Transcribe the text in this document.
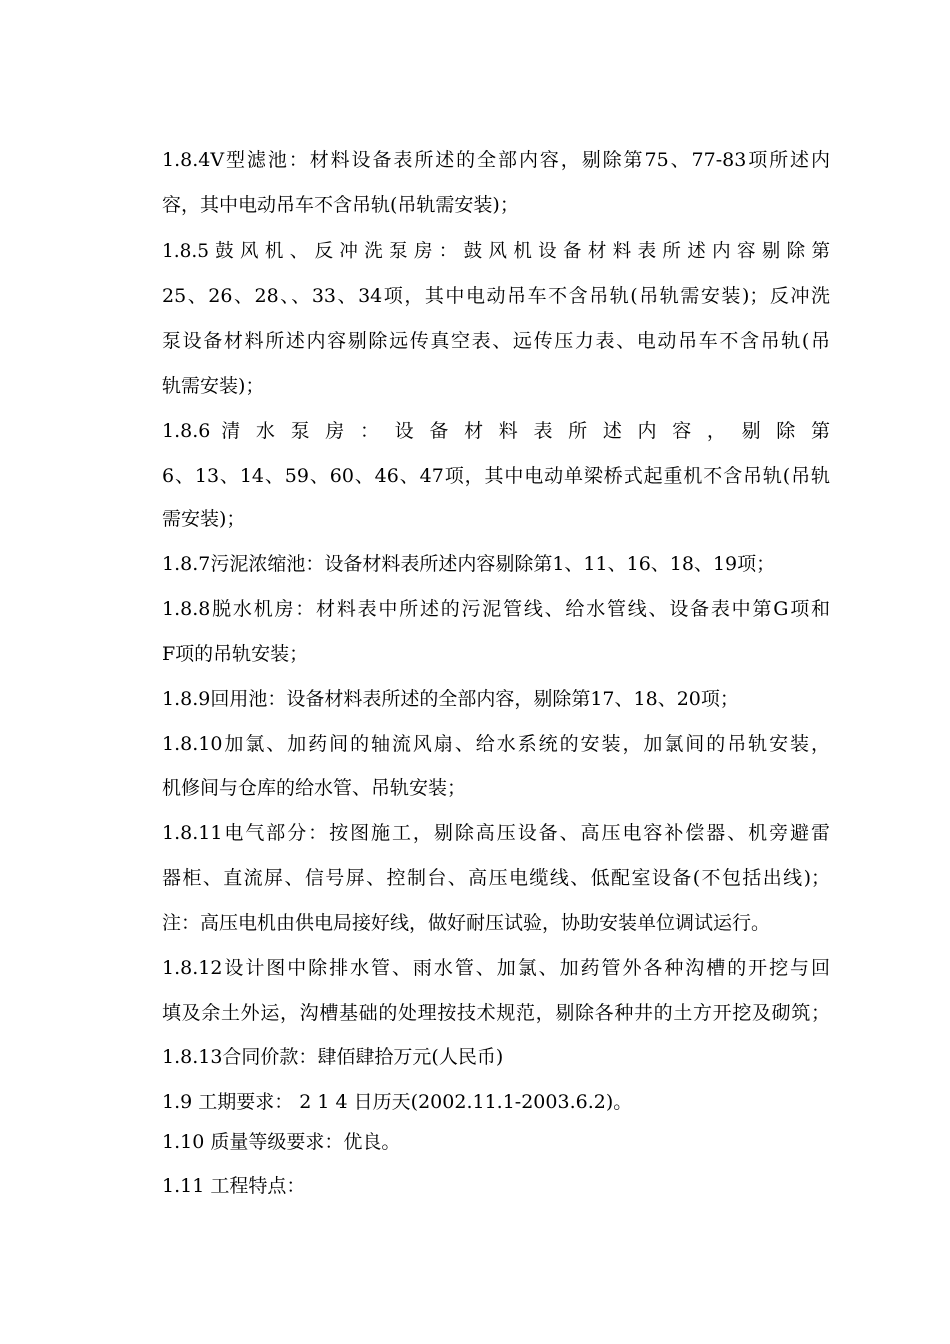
1.8.4V型滤池：材料设备表所述的全部内容，剔除第75、77-83项所述内
容，其中电动吊车不含吊轨(吊轨需安装)；
1.8.5 鼓 风 机 、 反 冲 洗 泵 房 ： 鼓 风 机 设 备 材 料 表 所 述 内 容 剔 除 第
25、26、28、、33、34项，其中电动吊车不含吊轨(吊轨需安装)；反冲洗
泵设备材料所述内容剔除远传真空表、远传压力表、电动吊车不含吊轨(吊
轨需安装)；
1.8.6 清 水 泵 房 ： 设 备 材 料 表 所 述 内 容 ， 剔 除 第
6、13、14、59、60、46、47项，其中电动单梁桥式起重机不含吊轨(吊轨
需安装)；
1.8.7污泥浓缩池：设备材料表所述内容剔除第1、11、16、18、19项；
1.8.8脱水机房：材料表中所述的污泥管线、给水管线、设备表中第G项和
F项的吊轨安装；
1.8.9回用池：设备材料表所述的全部内容，剔除第17、18、20项；
1.8.10加氯、加药间的轴流风扇、给水系统的安装，加氯间的吊轨安装，
机修间与仓库的给水管、吊轨安装；
1.8.11电气部分：按图施工，剔除高压设备、高压电容补偿器、机旁避雷
器柜、直流屏、信号屏、控制台、高压电缆线、低配室设备(不包括出线)；
注：高压电机由供电局接好线，做好耐压试验，协助安装单位调试运行。
1.8.12设计图中除排水管、雨水管、加氯、加药管外各种沟槽的开挖与回
填及余土外运，沟槽基础的处理按技术规范，剔除各种井的土方开挖及砌筑；
1.8.13合同价款：肆佰肆拾万元(人民币)
1.9 工期要求： 2 1 4 日历天(2002.11.1-2003.6.2)。
1.10 质量等级要求：优良。
1.11 工程特点：
